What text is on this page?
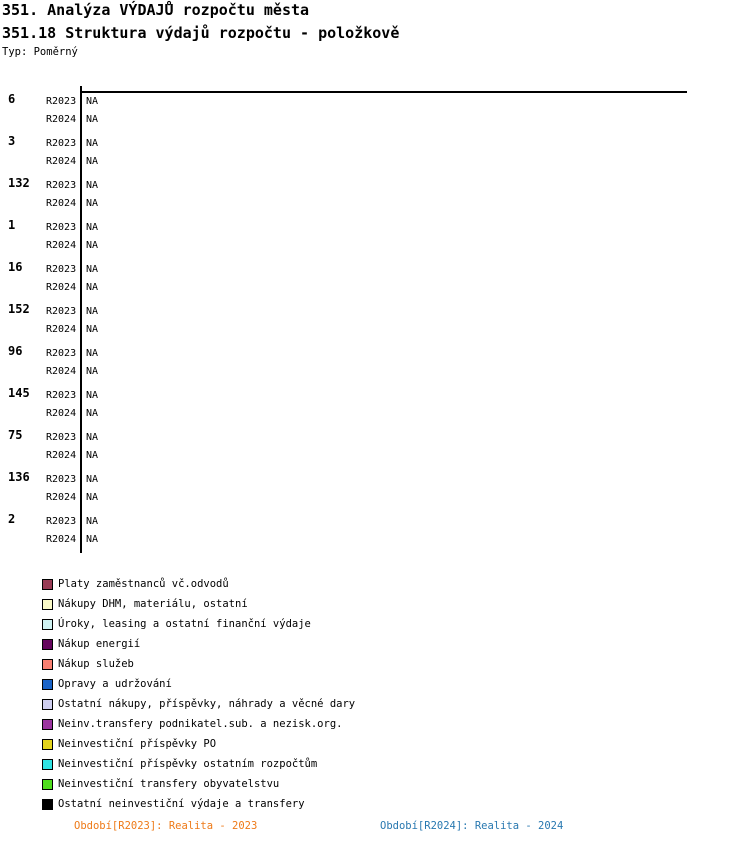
351. Analýza VÝDAJŮ rozpočtu města
351.18 Struktura výdajů rozpočtu - položkově
Typ: Poměrný
6	R2023 NA
R2024 NA
3	R2023 NA
R2024 NA
132 R2023 NA
R2024 NA
1	R2023 NA
R2024 NA
16 R2023 NA
R2024 NA
152 R2023 NA
R2024 NA
96 R2023 NA
R2024 NA
145 R2023 NA
R2024 NA
75 R2023 NA
R2024 NA
136 R2023 NA
R2024 NA
2	R2023 NA
R2024 NA
Platy zaměstnanců vč.odvodů
Nákupy DHM, materiálu, ostatní
Úroky, leasing a ostatní finanční výdaje
Nákup energií
Nákup služeb
Opravy a udržování
Ostatní nákupy, příspěvky, náhrady a věcné dary
Neinv.transfery podnikatel.sub. a nezisk.org.
Neinvestiční příspěvky PO
Neinvestiční příspěvky ostatním rozpočtům
Neinvestiční transfery obyvatelstvu
Ostatní neinvestiční výdaje a transfery
Období[R2023]: Realita - 2023	Období[R2024]: Realita - 2024
